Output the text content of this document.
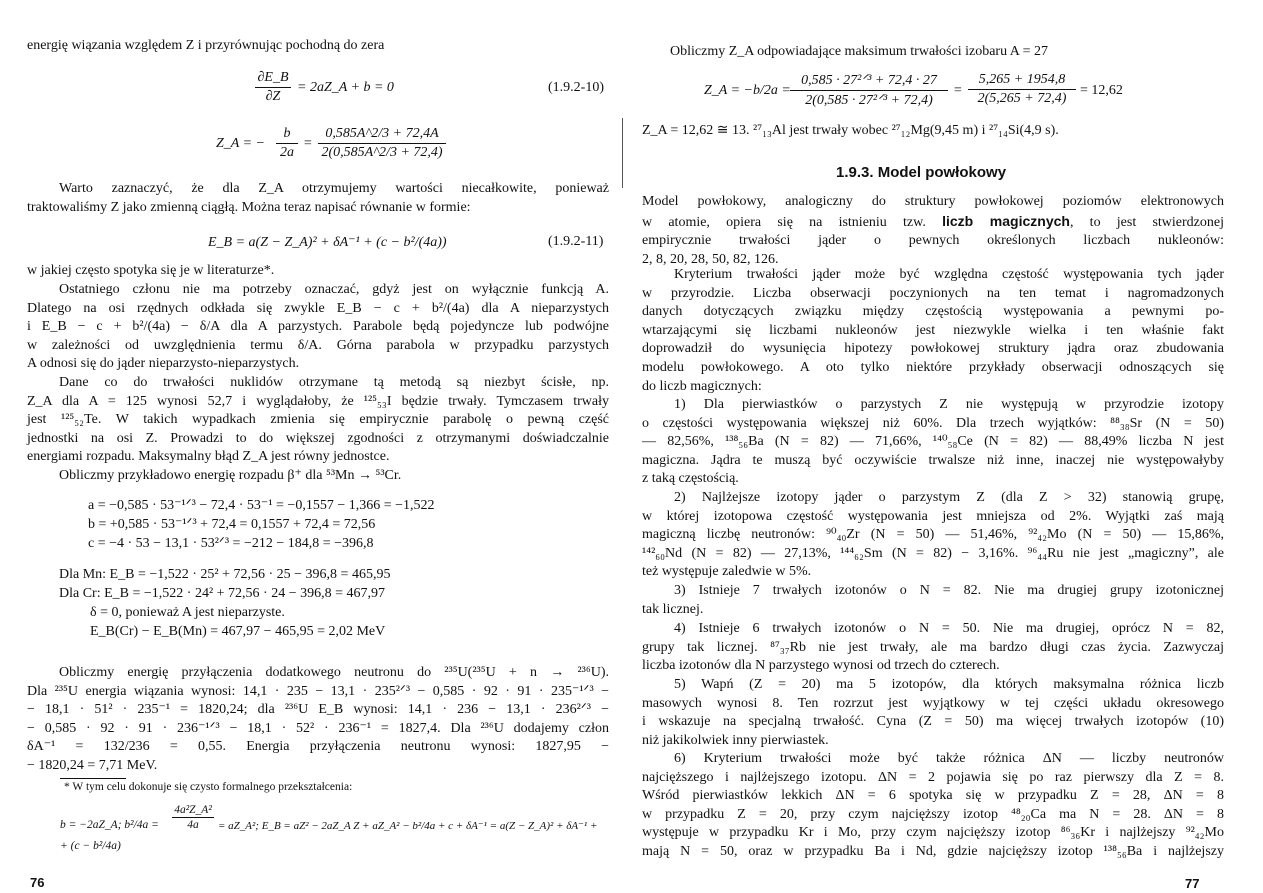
energię wiązania względem Z i przyrównując pochodną do zera
$\frac{\partial E\_B}{\partial Z}$ = 2aZ_A + b = 0	(1.9.2-10)
Z_A = − $\frac{b}{2a} = \frac{0,585A\^{}2/3 + 72,4A}{2(0,585A\^{}2/3 + 72,4)}$
Warto zaznaczyć, że dla Z_A otrzymujemy wartości niecałkowite, ponieważ
traktowaliśmy Z jako zmienną ciągłą. Można teraz napisać równanie w formie:
E_B = a(Z − Z_A)² + δA⁻¹ + (c − b²/(4a))	(1.9.2-11)
w jakiej często spotyka się je w literaturze*.
Ostatniego członu nie ma potrzeby oznaczać, gdyż jest on wyłącznie funkcją A.
Dlatego na osi rzędnych odkłada się zwykle E_B − c + b²/(4a) dla A nieparzystych
i E_B − c + b²/(4a) − δ/A dla A parzystych. Parabole będą pojedyncze lub podwójne
w zależności od uwzględnienia termu δ/A. Górna parabola w przypadku parzystych
A odnosi się do jąder nieparzysto-nieparzystych.
Dane co do trwałości nuklidów otrzymane tą metodą są niezbyt ścisłe, np.
Z_A dla A = 125 wynosi 52,7 i wyglądałoby, że ¹²⁵₅₃I będzie trwały. Tymczasem trwały
jest ¹²⁵₅₂Te. W takich wypadkach zmienia się empirycznie parabolę o pewną część
jednostki na osi Z. Prowadzi to do większej zgodności z otrzymanymi doświadczalnie
energiami rozpadu. Maksymalny błąd Z_A jest równy jednostce.
Obliczmy przykładowo energię rozpadu β⁺ dla ⁵³Mn → ⁵³Cr.
a = −0,585 · 53⁻¹ᐟ³ − 72,4 · 53⁻¹ = −0,1557 − 1,366 = −1,522
b = +0,585 · 53⁻¹ᐟ³ + 72,4 = 0,1557 + 72,4 = 72,56
c = −4 · 53 − 13,1 · 53²ᐟ³ = −212 − 184,8 = −396,8
Dla Mn: E_B = −1,522 · 25² + 72,56 · 25 − 396,8 = 465,95
Dla Cr: E_B = −1,522 · 24² + 72,56 · 24 − 396,8 = 467,97
δ = 0, ponieważ A jest nieparzyste.
E_B(Cr) − E_B(Mn) = 467,97 − 465,95 = 2,02 MeV
Obliczmy energię przyłączenia dodatkowego neutronu do ²³⁵U(²³⁵U + n → ²³⁶U).
Dla ²³⁵U energia wiązania wynosi: 14,1 · 235 − 13,1 · 235²ᐟ³ − 0,585 · 92 · 91 · 235⁻¹ᐟ³ −
− 18,1 · 51² · 235⁻¹ = 1820,24; dla ²³⁶U E_B wynosi: 14,1 · 236 − 13,1 · 236²ᐟ³ −
− 0,585 · 92 · 91 · 236⁻¹ᐟ³ − 18,1 · 52² · 236⁻¹ = 1827,4. Dla ²³⁶U dodajemy człon
δA⁻¹ = 132/236 = 0,55. Energia przyłączenia neutronu wynosi: 1827,95 −
− 1820,24 = 7,71 MeV.
* W tym celu dokonuje się czysto formalnego przekształcenia:
b = −2aZ_A; $b^2/4a = \frac{\text{4a²Z\_A²}}{4a}$ = aZ_A²; E_B = aZ² − 2aZ_A Z + aZ_A² − b²/4a + c + δA⁻¹ = a(Z − Z_A)² + δA⁻¹ +
+ (c − b²/4a)
76
Obliczmy Z_A odpowiadające maksimum trwałości izobaru A = 27
Z_A = −b/2a =
0,585 · 27²ᐟ³ + 72,4 · 27
2(0,585 · 27²ᐟ³ + 72,4)
= $\frac{5,265 + 1954,8}{2(5,265 + 72,4)} = 12,62$
Z_A = 12,62 ≅ 13. ²⁷₁₃Al jest trwały wobec ²⁷₁₂Mg(9,45 m) i ²⁷₁₄Si(4,9 s).
1.9.3. Model powłokowy
Model powłokowy, analogiczny do struktury powłokowej poziomów elektronowych
w atomie, opiera się na istnieniu tzw. liczb magicznych, to jest stwierdzonej
empirycznie trwałości jąder o pewnych określonych liczbach nukleonów:
2, 8, 20, 28, 50, 82, 126.
Kryterium trwałości jąder może być względna częstość występowania tych jąder
w przyrodzie. Liczba obserwacji poczynionych na ten temat i nagromadzonych
danych dotyczących związku między częstością występowania a pewnymi po-
wtarzającymi się liczbami nukleonów jest niezwykle wielka i ten właśnie fakt
doprowadził do wysunięcia hipotezy powłokowej struktury jądra oraz zbudowania
modelu powłokowego. A oto tylko niektóre przykłady obserwacji odnoszących się
do liczb magicznych:
1) Dla pierwiastków o parzystych Z nie występują w przyrodzie izotopy
o częstości występowania większej niż 60%. Dla trzech wyjątków: ⁸⁸₃₈Sr (N = 50)
— 82,56%, ¹³⁸₅₆Ba (N = 82) — 71,66%, ¹⁴⁰₅₈Ce (N = 82) — 88,49% liczba N jest
magiczna. Jądra te muszą być oczywiście trwalsze niż inne, inaczej nie występowałyby
z taką częstością.
2) Najlżejsze izotopy jąder o parzystym Z (dla Z > 32) stanowią grupę,
w której izotopowa częstość występowania jest mniejsza od 2%. Wyjątki zaś mają
magiczną liczbę neutronów: ⁹⁰₄₀Zr (N = 50) — 51,46%, ⁹²₄₂Mo (N = 50) — 15,86%,
¹⁴²₆₀Nd (N = 82) — 27,13%, ¹⁴⁴₆₂Sm (N = 82) − 3,16%. ⁹⁶₄₄Ru nie jest „magiczny”, ale
też występuje zaledwie w 5%.
3) Istnieje 7 trwałych izotonów o N = 82. Nie ma drugiej grupy izotonicznej
tak licznej.
4) Istnieje 6 trwałych izotonów o N = 50. Nie ma drugiej, oprócz N = 82,
grupy tak licznej. ⁸⁷₃₇Rb nie jest trwały, ale ma bardzo długi czas życia. Zazwyczaj
liczba izotonów dla N parzystego wynosi od trzech do czterech.
5) Wapń (Z = 20) ma 5 izotopów, dla których maksymalna różnica liczb
masowych wynosi 8. Ten rozrzut jest wyjątkowy w tej części układu okresowego
i wskazuje na specjalną trwałość. Cyna (Z = 50) ma więcej trwałych izotopów (10)
niż jakikolwiek inny pierwiastek.
6) Kryterium trwałości może być także różnica ΔN — liczby neutronów
najcięższego i najlżejszego izotopu. ΔN = 2 pojawia się po raz pierwszy dla Z = 8.
Wśród pierwiastków lekkich ΔN = 6 spotyka się w przypadku Z = 28, ΔN = 8
w przypadku Z = 20, przy czym najcięższy izotop ⁴⁸₂₀Ca ma N = 28. ΔN = 8
występuje w przypadku Kr i Mo, przy czym najcięższy izotop ⁸⁶₃₆Kr i najlżejszy ⁹²₄₂Mo
mają N = 50, oraz w przypadku Ba i Nd, gdzie najcięższy izotop ¹³⁸₅₆Ba i najlżejszy
77
